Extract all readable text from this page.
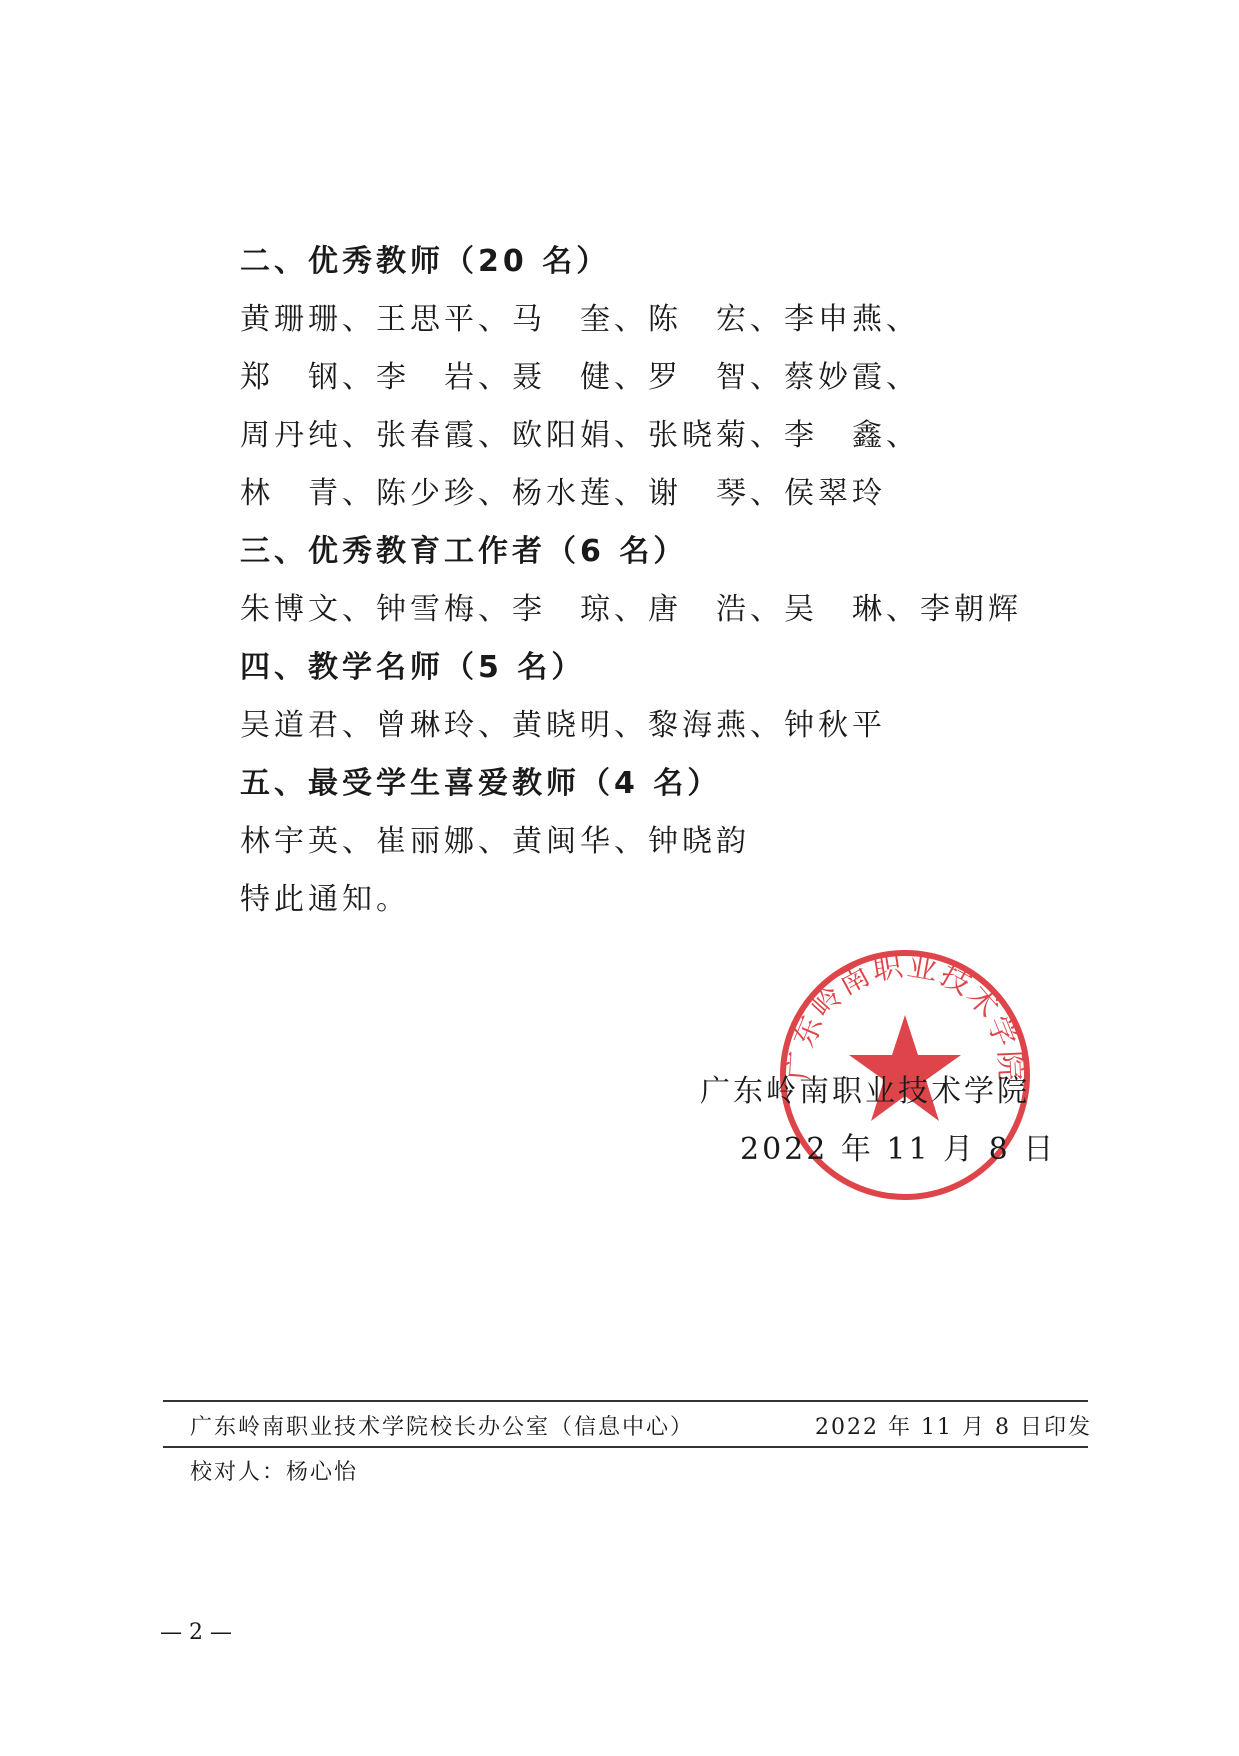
二、优秀教师（20 名）
黄珊珊、王思平、马　奎、陈　宏、李申燕、
郑　钢、李　岩、聂　健、罗　智、蔡妙霞、
周丹纯、张春霞、欧阳娟、张晓菊、李　鑫、
林　青、陈少珍、杨水莲、谢　琴、侯翠玲
三、优秀教育工作者（6 名）
朱博文、钟雪梅、李　琼、唐　浩、吴　琳、李朝辉
四、教学名师（5 名）
吴道君、曾琳玲、黄晓明、黎海燕、钟秋平
五、最受学生喜爱教师（4 名）
林宇英、崔丽娜、黄闽华、钟晓韵
特此通知。
广东岭南职业技术学院
广东岭南职业技术学院
2022 年 11 月 8 日
广东岭南职业技术学院校长办公室（信息中心）	2022 年 11 月 8 日印发
校对人：杨心怡
— 2 —
